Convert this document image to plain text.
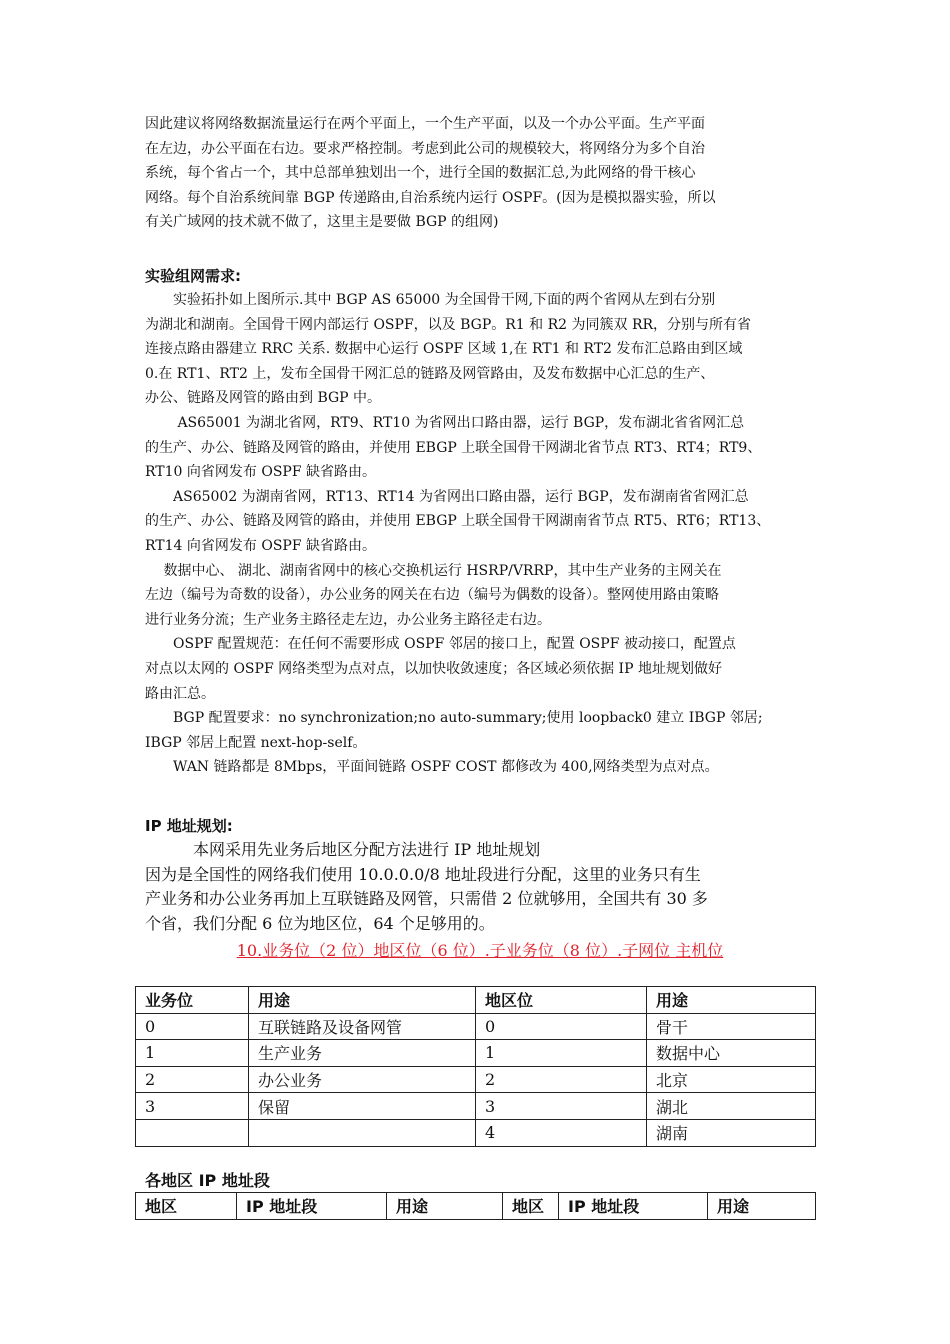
因此建议将网络数据流量运行在两个平面上，一个生产平面，以及一个办公平面。生产平面

在左边，办公平面在右边。要求严格控制。考虑到此公司的规模较大，将网络分为多个自治

系统，每个省占一个，其中总部单独划出一个，进行全国的数据汇总,为此网络的骨干核心

网络。每个自治系统间靠 BGP 传递路由,自治系统内运行 OSPF。(因为是模拟器实验，所以

有关广域网的技术就不做了，这里主是要做 BGP 的组网)

实验组网需求:

　　实验拓扑如上图所示.其中 BGP AS 65000 为全国骨干网,下面的两个省网从左到右分别

为湖北和湖南。全国骨干网内部运行 OSPF，以及 BGP。R1 和 R2 为同簇双 RR，分别与所有省

连接点路由器建立 RRC 关系. 数据中心运行 OSPF 区域 1,在 RT1 和 RT2 发布汇总路由到区域

0.在 RT1、RT2 上，发布全国骨干网汇总的链路及网管路由，及发布数据中心汇总的生产、

办公、链路及网管的路由到 BGP 中。

　　 AS65001 为湖北省网，RT9、RT10 为省网出口路由器，运行 BGP，发布湖北省省网汇总

的生产、办公、链路及网管的路由，并使用 EBGP 上联全国骨干网湖北省节点 RT3、RT4；RT9、

RT10 向省网发布 OSPF 缺省路由。

　　AS65002 为湖南省网，RT13、RT14 为省网出口路由器，运行 BGP，发布湖南省省网汇总

的生产、办公、链路及网管的路由，并使用 EBGP 上联全国骨干网湖南省节点 RT5、RT6；RT13、

RT14 向省网发布 OSPF 缺省路由。

　 数据中心、 湖北、湖南省网中的核心交换机运行 HSRP/VRRP，其中生产业务的主网关在

左边（编号为奇数的设备），办公业务的网关在右边（编号为偶数的设备）。整网使用路由策略

进行业务分流；生产业务主路径走左边，办公业务主路径走右边。

　　OSPF 配置规范：在任何不需要形成 OSPF 邻居的接口上，配置 OSPF 被动接口，配置点

对点以太网的 OSPF 网络类型为点对点，以加快收敛速度；各区域必须依据 IP 地址规划做好

路由汇总。

　　BGP 配置要求：no synchronization;no auto-summary;使用 loopback0 建立 IBGP 邻居;

IBGP 邻居上配置 next-hop-self。

　　WAN 链路都是 8Mbps，平面间链路 OSPF COST 都修改为 400,网络类型为点对点。

IP 地址规划:

　　　本网采用先业务后地区分配方法进行 IP 地址规划

因为是全国性的网络我们使用 10.0.0.0/8 地址段进行分配，这里的业务只有生

产业务和办公业务再加上互联链路及网管，只需借 2 位就够用，全国共有 30 多

个省，我们分配 6 位为地区位，64 个足够用的。

10.业务位（2 位）地区位（6 位）.子业务位（8 位）.子网位 主机位

业务位	用途	地区位	用途
0	互联链路及设备网管	0	骨干
1	生产业务	1	数据中心
2	办公业务	2	北京
3	保留	3	湖北
		4	湖南
各地区 IP 地址段
地区	IP 地址段	用途	地区	IP 地址段	用途
